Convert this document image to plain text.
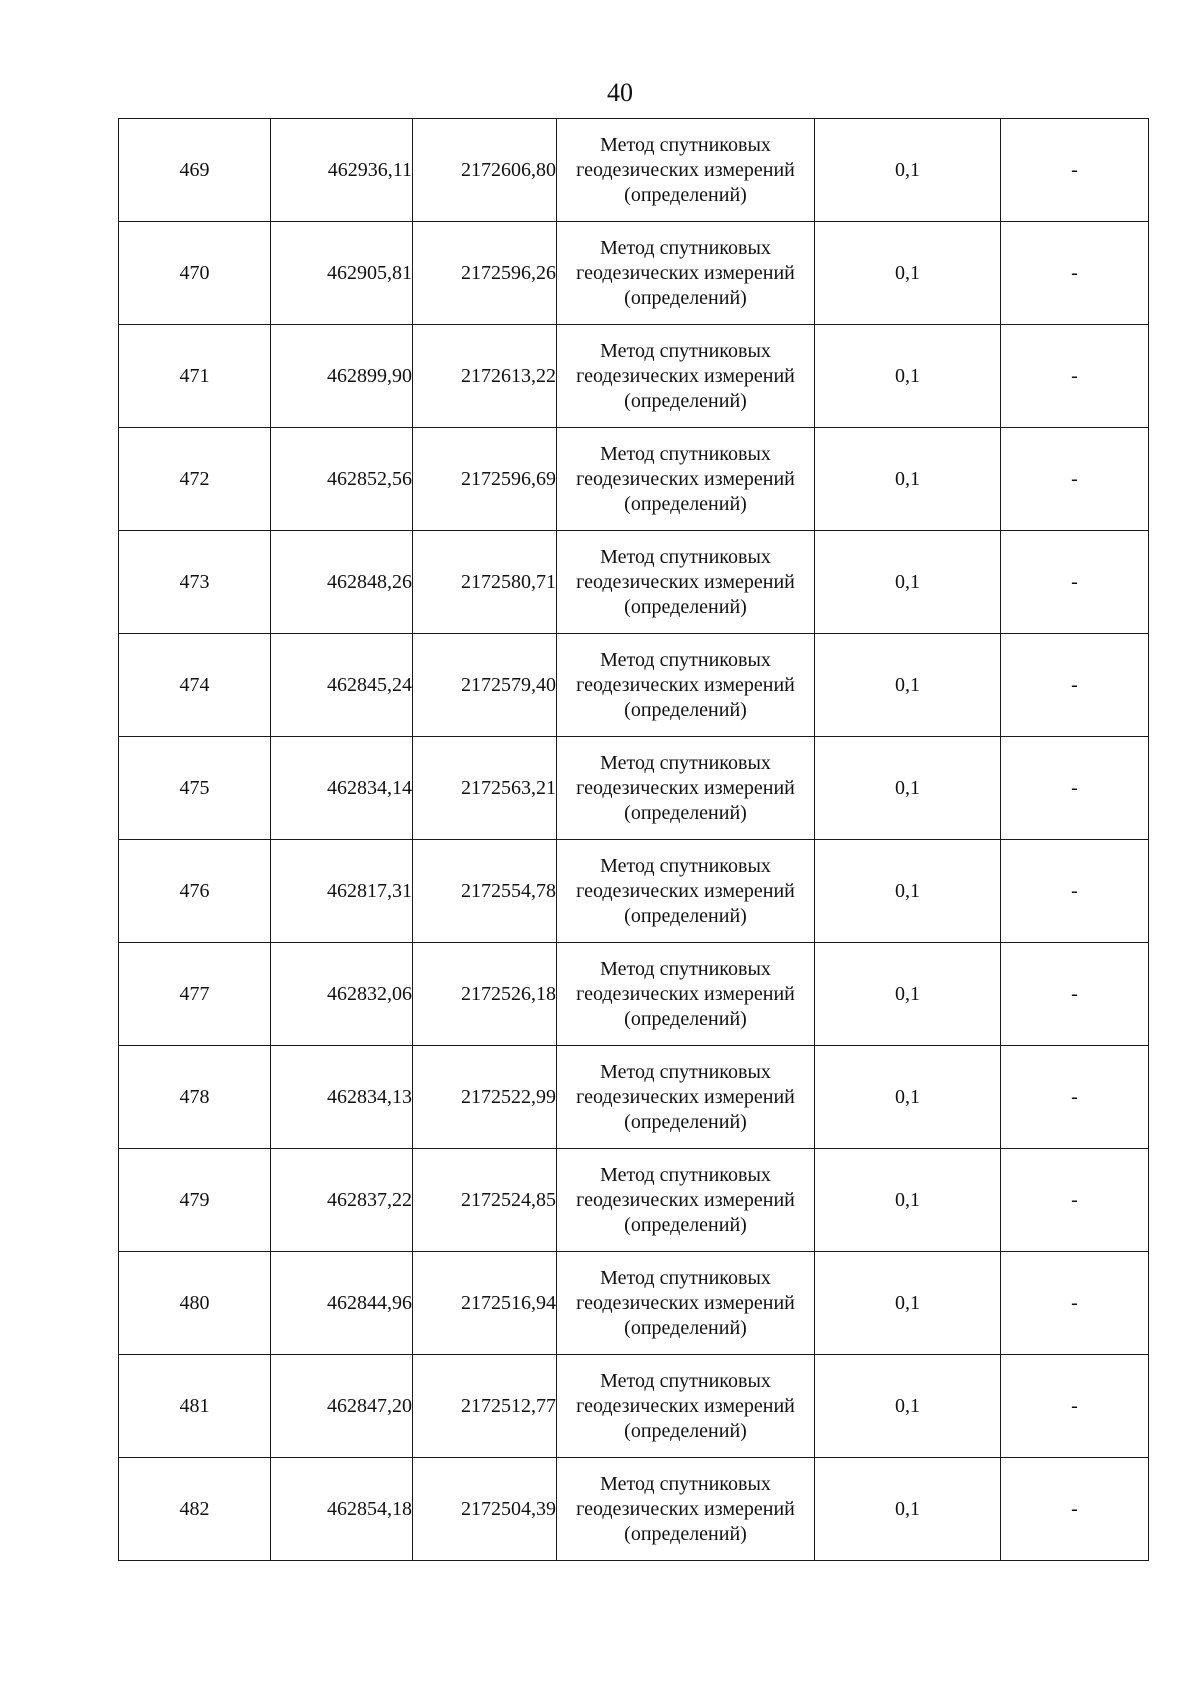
40
469	462936,11	2172606,80	Метод спутниковых
геодезических измерений
(определений)	0,1	-
470	462905,81	2172596,26	Метод спутниковых
геодезических измерений
(определений)	0,1	-
471	462899,90	2172613,22	Метод спутниковых
геодезических измерений
(определений)	0,1	-
472	462852,56	2172596,69	Метод спутниковых
геодезических измерений
(определений)	0,1	-
473	462848,26	2172580,71	Метод спутниковых
геодезических измерений
(определений)	0,1	-
474	462845,24	2172579,40	Метод спутниковых
геодезических измерений
(определений)	0,1	-
475	462834,14	2172563,21	Метод спутниковых
геодезических измерений
(определений)	0,1	-
476	462817,31	2172554,78	Метод спутниковых
геодезических измерений
(определений)	0,1	-
477	462832,06	2172526,18	Метод спутниковых
геодезических измерений
(определений)	0,1	-
478	462834,13	2172522,99	Метод спутниковых
геодезических измерений
(определений)	0,1	-
479	462837,22	2172524,85	Метод спутниковых
геодезических измерений
(определений)	0,1	-
480	462844,96	2172516,94	Метод спутниковых
геодезических измерений
(определений)	0,1	-
481	462847,20	2172512,77	Метод спутниковых
геодезических измерений
(определений)	0,1	-
482	462854,18	2172504,39	Метод спутниковых
геодезических измерений
(определений)	0,1	-
